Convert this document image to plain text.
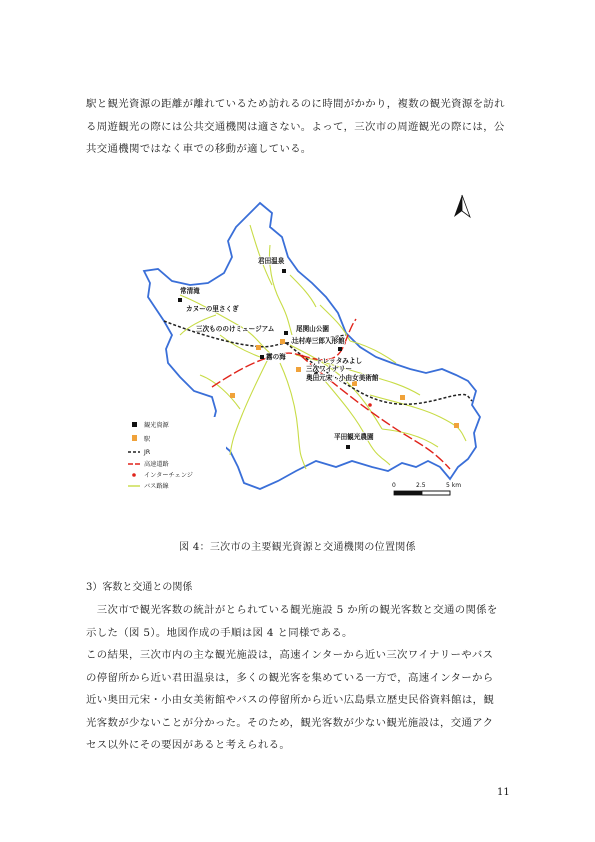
駅と観光資源の距離が離れているため訪れるのに時間がかかり，複数の観光資源を訪れ
る周遊観光の際には公共交通機関は適さない。よって，三次市の周遊観光の際には，公
共交通機関ではなく車での移動が適している。
君田温泉
常清滝
カヌーの里さくぎ
三次もののけミュージアム	尾関山公園
辻村寿三郎人形館
霧の海	トレッタみよし
三次ワイナリー
奥田元宋・小由女美術館
平田観光農園
観光資源
駅
JR
高速道路
インターチェンジ
バス路線	0	2.5	5 km
図 4：三次市の主要観光資源と交通機関の位置関係
3）客数と交通との関係
　三次市で観光客数の統計がとられている観光施設 5 か所の観光客数と交通の関係を
示した（図 5）。地図作成の手順は図 4 と同様である。
この結果，三次市内の主な観光施設は，高速インターから近い三次ワイナリーやバス
の停留所から近い君田温泉は，多くの観光客を集めている一方で，高速インターから
近い奥田元宋・小由女美術館やバスの停留所から近い広島県立歴史民俗資料館は，観
光客数が少ないことが分かった。そのため，観光客数が少ない観光施設は，交通アク
セス以外にその要因があると考えられる。
11
